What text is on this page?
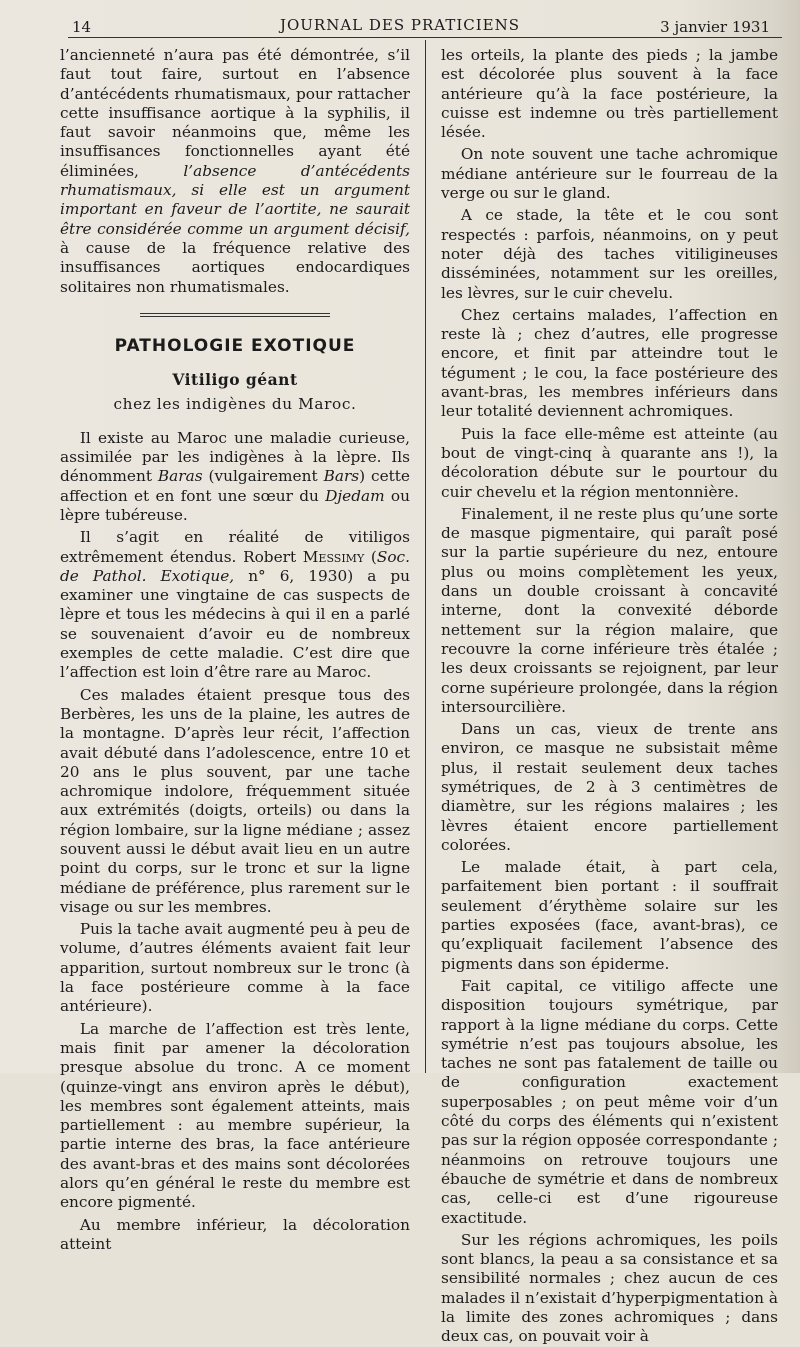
14	JOURNAL DES PRATICIENS	3 janvier 1931

l’ancienneté n’aura pas été démontrée, s’il faut tout faire, surtout en l’absence d’antécédents rhumatismaux, pour rattacher cette insuffisance aortique à la syphilis, il faut savoir néanmoins que, même les insuffisances fonctionnelles ayant été éliminées,	l’absence d’antécédents rhumatismaux, si elle est un argument important en faveur de l’aortite, ne saurait être considérée comme un argument décisif, à cause de la fréquence relative des insuffisances aortiques endocardiques solitaires non rhumatismales.

PATHOLOGIE EXOTIQUE
Vitiligo géant
chez les indigènes du Maroc.

Il existe au Maroc une maladie curieuse, assimilée par les indigènes à la lèpre. Ils dénomment Baras (vulgairement Bars) cette affection et en font une sœur du Djedam ou lèpre tubéreuse.

Il s’agit en réalité de vitiligos extrêmement étendus. Robert Messimy (Soc. de Pathol. Exotique, n° 6, 1930) a pu examiner une vingtaine de cas suspects de lèpre et tous les médecins à qui il en a parlé se souvenaient d’avoir eu de nombreux exemples de cette maladie. C’est dire que l’affection est loin d’être rare au Maroc.

Ces malades étaient presque tous des Berbères, les uns de la plaine, les autres de la montagne. D’après leur récit, l’affection avait débuté dans l’adolescence, entre 10 et 20 ans le plus souvent, par une tache achromique indolore, fréquemment située aux extrémités (doigts, orteils) ou dans la région lombaire, sur la ligne médiane ; assez souvent aussi le début avait lieu en un autre point du corps, sur le tronc et sur la ligne médiane de préférence, plus rarement sur le visage ou sur les membres.

Puis la tache avait augmenté peu à peu de volume, d’autres éléments avaient fait leur apparition, surtout nombreux sur le tronc (à la face postérieure comme à la face antérieure).

La marche de l’affection est très lente, mais finit par amener la décoloration presque absolue du tronc. A ce moment (quinze-vingt ans environ après le début), les membres sont également atteints, mais partiellement : au membre supérieur, la partie interne des bras, la face antérieure des avant-bras et des mains sont décolorées alors qu’en général le reste du membre est encore pigmenté.

Au membre inférieur, la décoloration atteint

les orteils, la plante des pieds ; la jambe est décolorée plus souvent à la face antérieure qu’à la face postérieure, la cuisse est indemne ou très partiellement lésée.

On note souvent une tache achromique médiane antérieure sur le fourreau de la verge ou sur le gland.

A ce stade, la tête et le cou sont respectés : parfois, néanmoins, on y peut noter déjà des taches vitiligineuses disséminées, notamment sur les oreilles, les lèvres, sur le cuir chevelu.

Chez certains malades, l’affection en reste là ; chez d’autres, elle progresse encore, et finit par atteindre tout le tégument ; le cou, la face postérieure des avant-bras, les membres inférieurs dans leur totalité deviennent achromiques.

Puis la face elle-même est atteinte (au bout de vingt-cinq à quarante ans !), la décoloration débute sur le pourtour du cuir chevelu et la région mentonnière.

Finalement, il ne reste plus qu’une sorte de masque pigmentaire, qui paraît posé sur la partie supérieure du nez, entoure plus ou moins complètement les yeux, dans un double croissant à concavité interne, dont la convexité déborde nettement sur la région malaire, que recouvre la corne inférieure très étalée ; les deux croissants se rejoignent, par leur corne supérieure prolongée, dans la région intersourcilière.

Dans un cas, vieux de trente ans environ, ce masque ne subsistait même plus, il restait seulement deux taches symétriques, de 2 à 3 centimètres de diamètre, sur les régions malaires ; les lèvres étaient encore partiellement colorées.

Le malade était, à part cela, parfaitement bien portant : il souffrait seulement d’érythème solaire sur les parties exposées (face, avant-bras), ce qu’expliquait facilement l’absence des pigments dans son épiderme.

Fait capital, ce vitiligo affecte une disposition toujours symétrique, par rapport à la ligne médiane du corps. Cette symétrie n’est pas toujours absolue, les taches ne sont pas fatalement de taille ou de configuration exactement superposables ; on peut même voir d’un côté du corps des éléments qui n’existent pas sur la région opposée correspondante ; néanmoins on retrouve toujours une ébauche de symétrie et dans de nombreux cas, celle-ci est d’une rigoureuse exactitude.

Sur les régions achromiques, les poils sont blancs, la peau a sa consistance et sa sensibilité normales ; chez aucun de ces malades il n’existait d’hyperpigmentation à la limite des zones achromiques ; dans deux cas, on pouvait voir à
